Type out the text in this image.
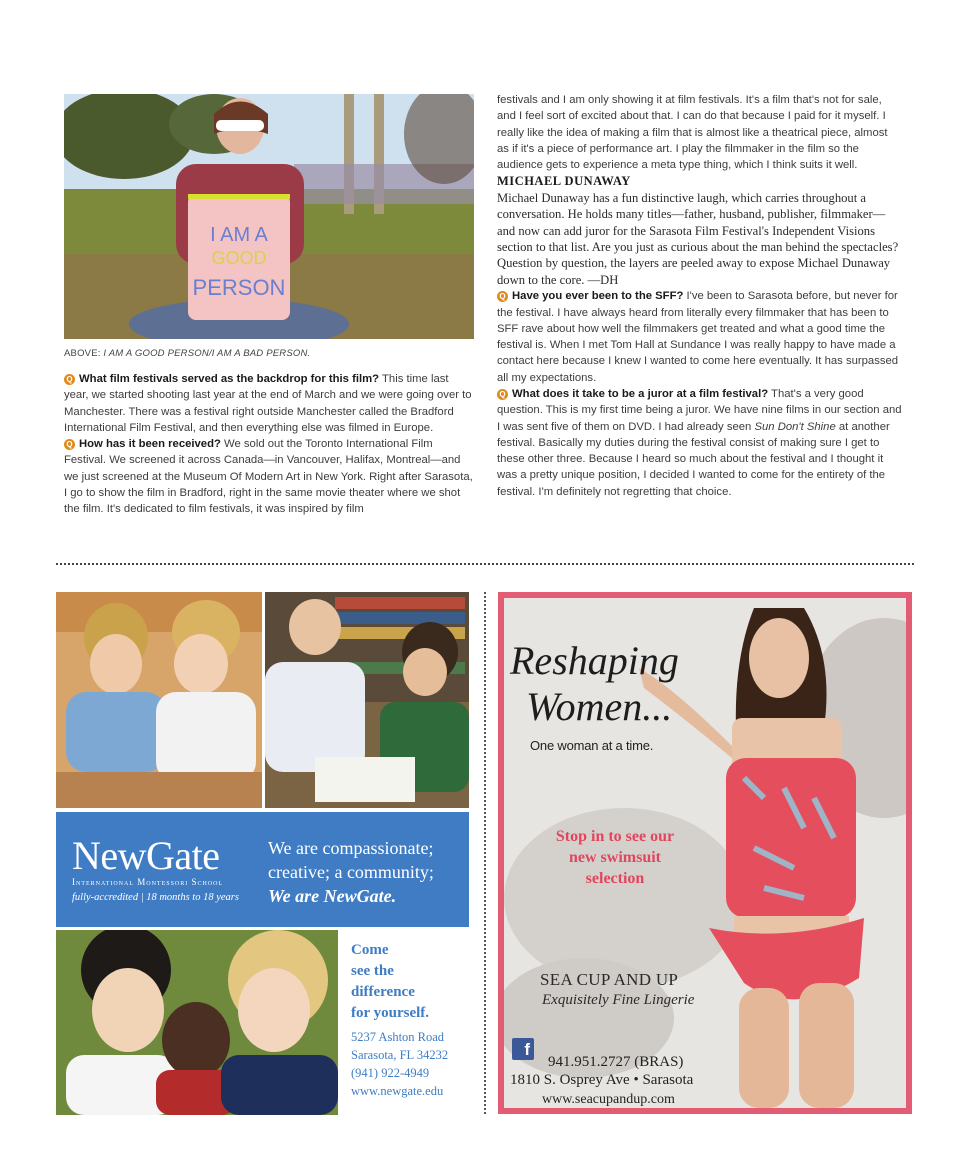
I AM A
GOOD
PERSON
ABOVE: I AM A GOOD PERSON/I AM A BAD PERSON.

Q What film festivals served as the backdrop for this film? This time last year, we started shooting last year at the end of March and we were going over to Manchester. There was a festival right outside Manchester called the Bradford International Film Festival, and then everything else was filmed in Europe.

Q How has it been received? We sold out the Toronto International Film Festival. We screened it across Canada—in Vancouver, Halifax, Montreal—and we just screened at the Museum Of Modern Art in New York. Right after Sarasota, I go to show the film in Bradford, right in the same movie theater where we shot the film. It's dedicated to film festivals, it was inspired by film

festivals and I am only showing it at film festivals. It's a film that's not for sale, and I feel sort of excited about that. I can do that because I paid for it myself. I really like the idea of making a film that is almost like a theatrical piece, almost as if it's a piece of performance art. I play the filmmaker in the film so the audience gets to experience a meta type thing, which I think suits it well.

MICHAEL DUNAWAY

Michael Dunaway has a fun distinctive laugh, which carries throughout a conversation. He holds many titles—father, husband, publisher, filmmaker—and now can add juror for the Sarasota Film Festival's Independent Visions section to that list. Are you just as curious about the man behind the spectacles? Question by question, the layers are peeled away to expose Michael Dunaway down to the core. —DH

Q Have you ever been to the SFF? I've been to Sarasota before, but never for the festival. I have always heard from literally every filmmaker that has been to SFF rave about how well the filmmakers get treated and what a good time the festival is. When I met Tom Hall at Sundance I was really happy to have made a contact here because I knew I wanted to come here eventually. It has surpassed all my expectations.

Q What does it take to be a juror at a film festival? That's a very good question. This is my first time being a juror. We have nine films in our section and I was sent five of them on DVD. I had already seen Sun Don't Shine at another festival. Basically my duties during the festival consist of making sure I get to these other three. Because I heard so much about the festival and I thought it was a pretty unique position, I decided I wanted to come for the entirety of the festival. I'm definitely not regretting that choice.

NewGate
International Montessori School
fully-accredited | 18 months to 18 years
We are compassionate;
creative; a community;
We are NewGate.
Come
see the
difference
for yourself.
5237 Ashton Road
Sarasota, FL 34232
(941) 922-4949
www.newgate.edu
Reshaping
Women...
One woman at a time.
Stop in to see our
new swimsuit
selection
SEA CUP AND UP
Exquisitely Fine Lingerie
f
941.951.2727 (BRAS)
1810 S. Osprey Ave • Sarasota
www.seacupandup.com
